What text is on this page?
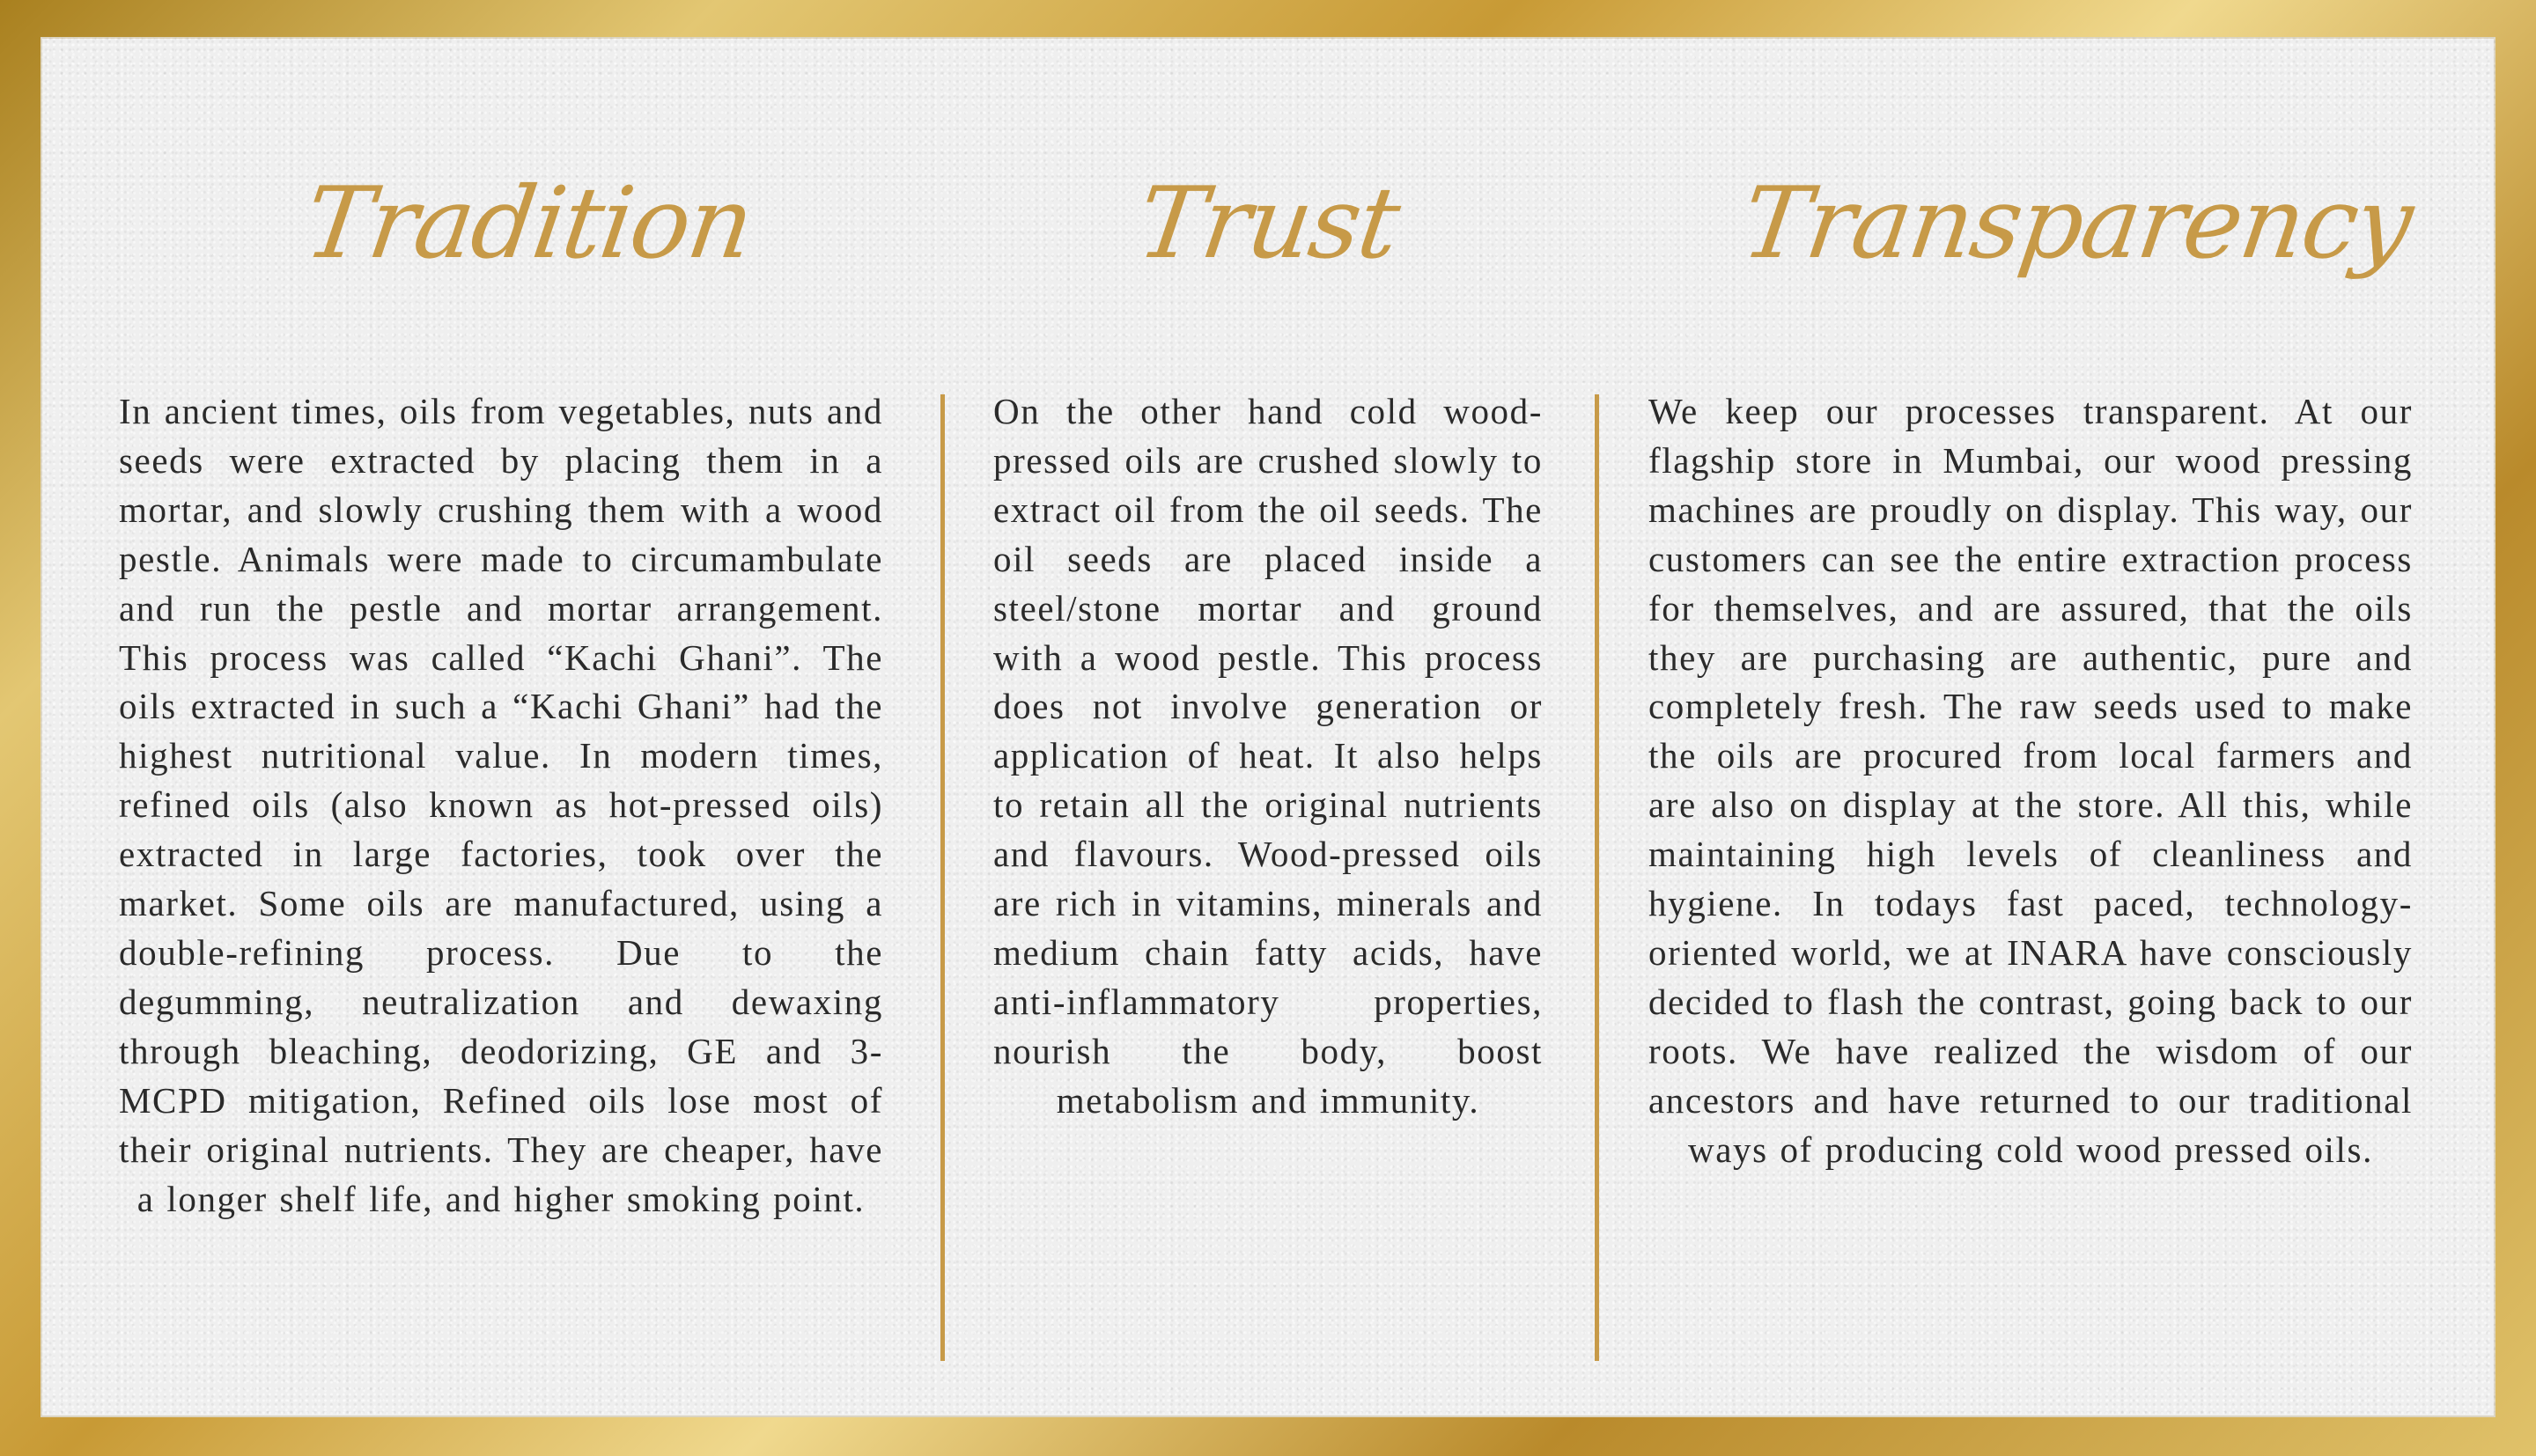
Tradition	Trust	Transparency

In ancient times, oils from vegetables, nuts and seeds were extracted by placing them in a mortar, and slowly crushing them with a wood pestle. Animals were made to circumambulate and run the pestle and mortar arrangement. This process was called “Kachi Ghani”. The oils extracted in such a “Kachi Ghani” had the highest nutritional value. In modern times, refined oils (also known as hot-pressed oils) extracted in large factories, took over the market. Some oils are manufactured, using a double-refining process. Due to the degumming, neutralization and dewaxing through bleaching, deodorizing, GE and 3-MCPD mitigation, Refined oils lose most of their original nutrients. They are cheaper, have a longer shelf life, and higher smoking point.

On the other hand cold wood-pressed oils are crushed slowly to extract oil from the oil seeds. The oil seeds are placed inside a steel/stone mortar and ground with a wood pestle. This process does not involve generation or application of heat. It also helps to retain all the original nutrients and flavours. Wood-pressed oils are rich in vitamins, minerals and medium chain fatty acids, have anti-inflammatory properties, nourish the body, boost metabolism and immunity.

We keep our processes transparent. At our flagship store in Mumbai, our wood pressing machines are proudly on display. This way, our customers can see the entire extraction process for themselves, and are assured, that the oils they are purchasing are authentic, pure and completely fresh. The raw seeds used to make the oils are procured from local farmers and are also on display at the store. All this, while maintaining high levels of cleanliness and hygiene. In todays fast paced, technology-oriented world, we at INARA have consciously decided to flash the contrast, going back to our roots. We have realized the wisdom of our ancestors and have returned to our traditional ways of producing cold wood pressed oils.
